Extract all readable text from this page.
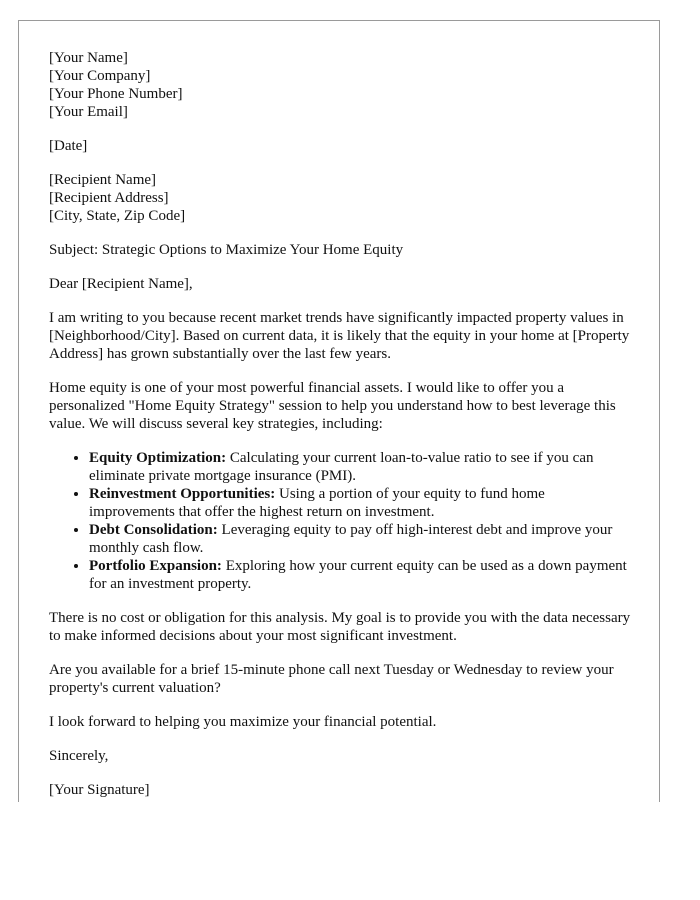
[Your Name]
[Your Company]
[Your Phone Number]
[Your Email]

[Date]

[Recipient Name]
[Recipient Address]
[City, State, Zip Code]

Subject: Strategic Options to Maximize Your Home Equity

Dear [Recipient Name],

I am writing to you because recent market trends have significantly impacted property values in [Neighborhood/City]. Based on current data, it is likely that the equity in your home at [Property Address] has grown substantially over the last few years.

Home equity is one of your most powerful financial assets. I would like to offer you a personalized "Home Equity Strategy" session to help you understand how to best leverage this value. We will discuss several key strategies, including:

• Equity Optimization: Calculating your current loan-to-value ratio to see if you can eliminate private mortgage insurance (PMI).
• Reinvestment Opportunities: Using a portion of your equity to fund home improvements that offer the highest return on investment.
• Debt Consolidation: Leveraging equity to pay off high-interest debt and improve your monthly cash flow.
• Portfolio Expansion: Exploring how your current equity can be used as a down payment for an investment property.

There is no cost or obligation for this analysis. My goal is to provide you with the data necessary to make informed decisions about your most significant investment.

Are you available for a brief 15-minute phone call next Tuesday or Wednesday to review your property's current valuation?

I look forward to helping you maximize your financial potential.

Sincerely,

[Your Signature]
